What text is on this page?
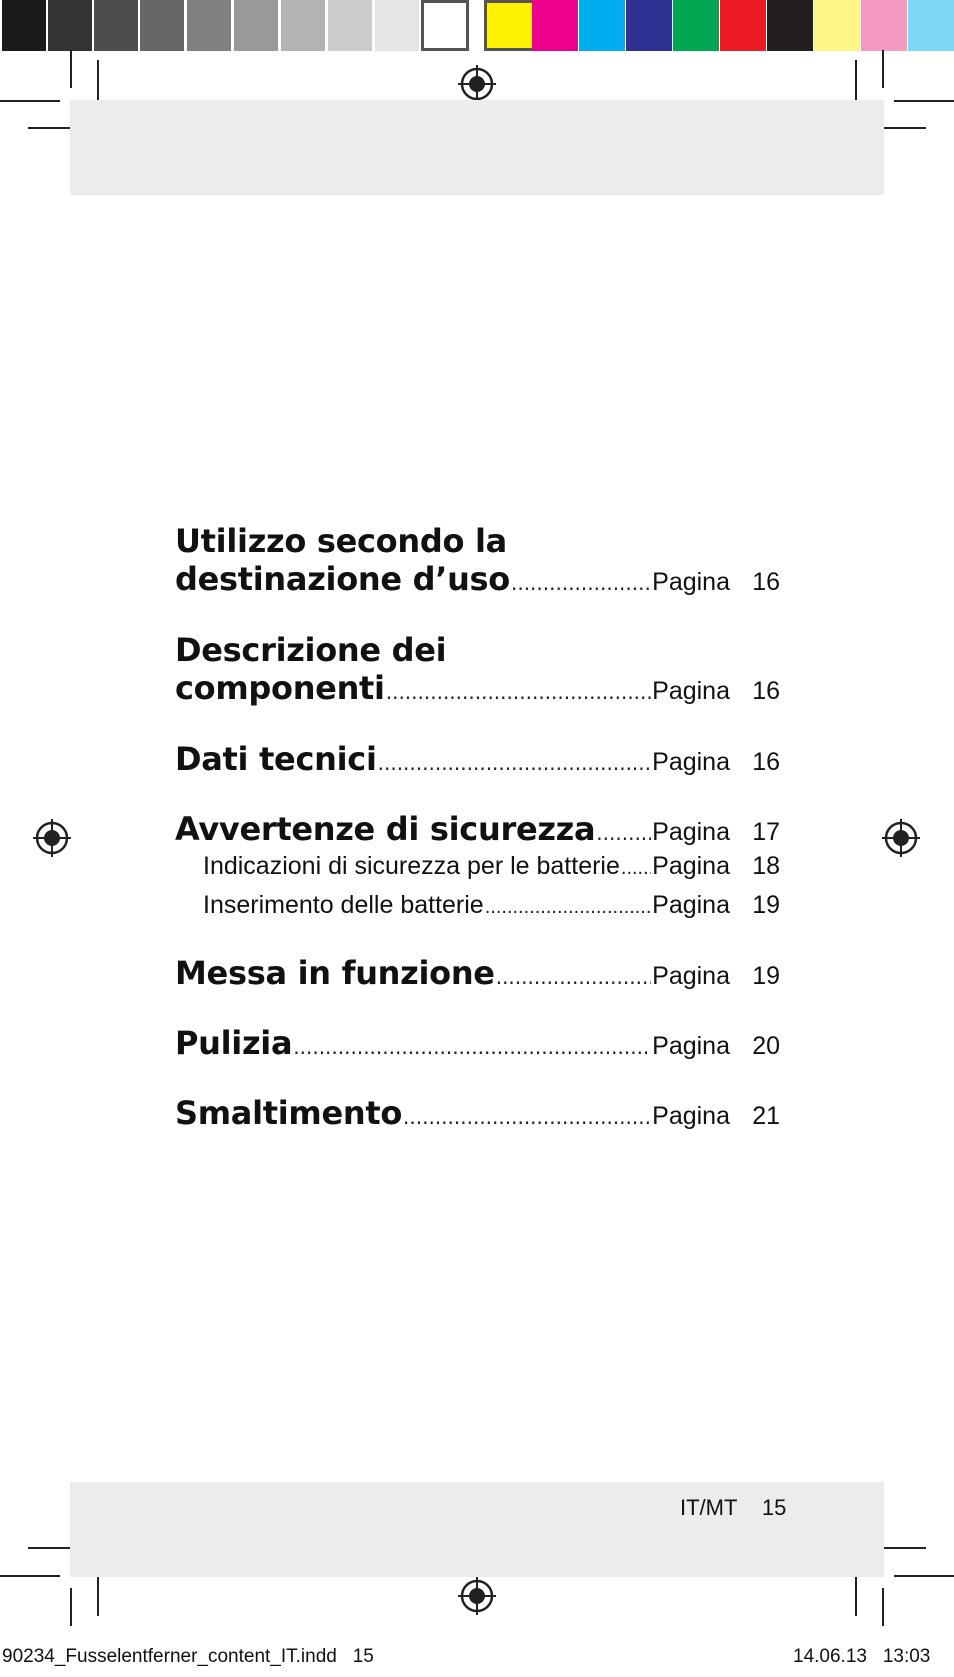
Utilizzo secondo la
destinazione d’uso .....	Pagina 16
Descrizione dei
componenti .....	Pagina 16
Dati tecnici .....	Pagina 16
Avvertenze di sicurezza ..... Pagina 17
Indicazioni di sicurezza per le batterie ..... Pagina 18
Inserimento delle batterie .....	Pagina 19
Messa in funzione .....	Pagina 19
Pulizia .....	Pagina 20
Smaltimento .....	Pagina 21
IT/MT 15
90234_Fusselentferner_content_IT.indd 15	14.06.13 13:03
